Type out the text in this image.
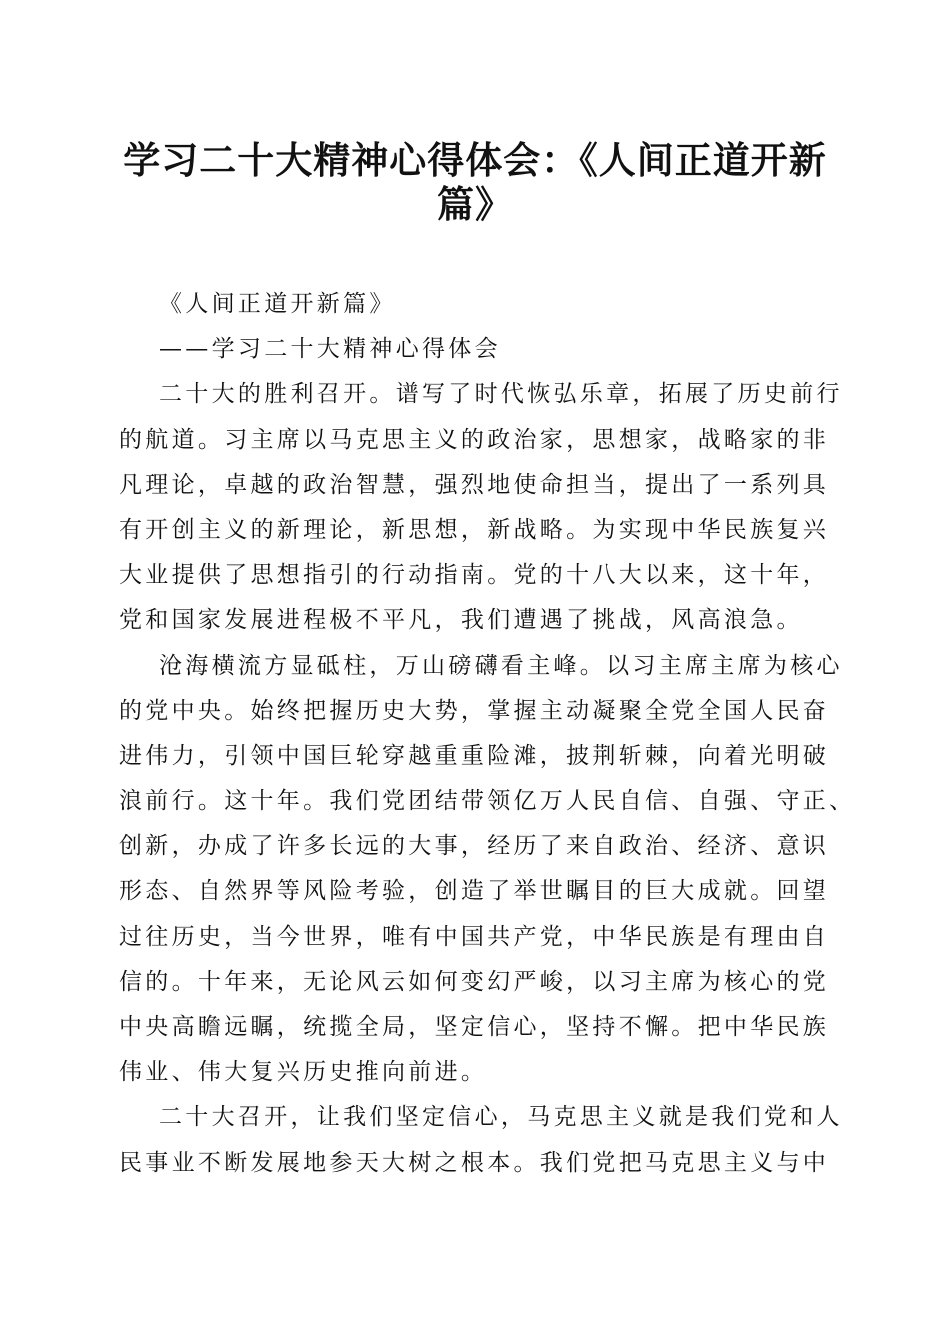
学习二十大精神心得体会：《人间正道开新
篇》

《人间正道开新篇》

——学习二十大精神心得体会

二十大的胜利召开。谱写了时代恢弘乐章，拓展了历史前行

的航道。习主席以马克思主义的政治家，思想家，战略家的非

凡理论，卓越的政治智慧，强烈地使命担当，提出了一系列具

有开创主义的新理论，新思想，新战略。为实现中华民族复兴

大业提供了思想指引的行动指南。党的十八大以来，这十年，

党和国家发展进程极不平凡，我们遭遇了挑战，风高浪急。

沧海横流方显砥柱，万山磅礴看主峰。以习主席主席为核心

的党中央。始终把握历史大势，掌握主动凝聚全党全国人民奋

进伟力，引领中国巨轮穿越重重险滩，披荆斩棘，向着光明破

浪前行。这十年。我们党团结带领亿万人民自信、自强、守正、

创新，办成了许多长远的大事，经历了来自政治、经济、意识

形态、自然界等风险考验，创造了举世瞩目的巨大成就。回望

过往历史，当今世界，唯有中国共产党，中华民族是有理由自

信的。十年来，无论风云如何变幻严峻，以习主席为核心的党

中央高瞻远瞩，统揽全局，坚定信心，坚持不懈。把中华民族

伟业、伟大复兴历史推向前进。

二十大召开，让我们坚定信心，马克思主义就是我们党和人

民事业不断发展地参天大树之根本。我们党把马克思主义与中
